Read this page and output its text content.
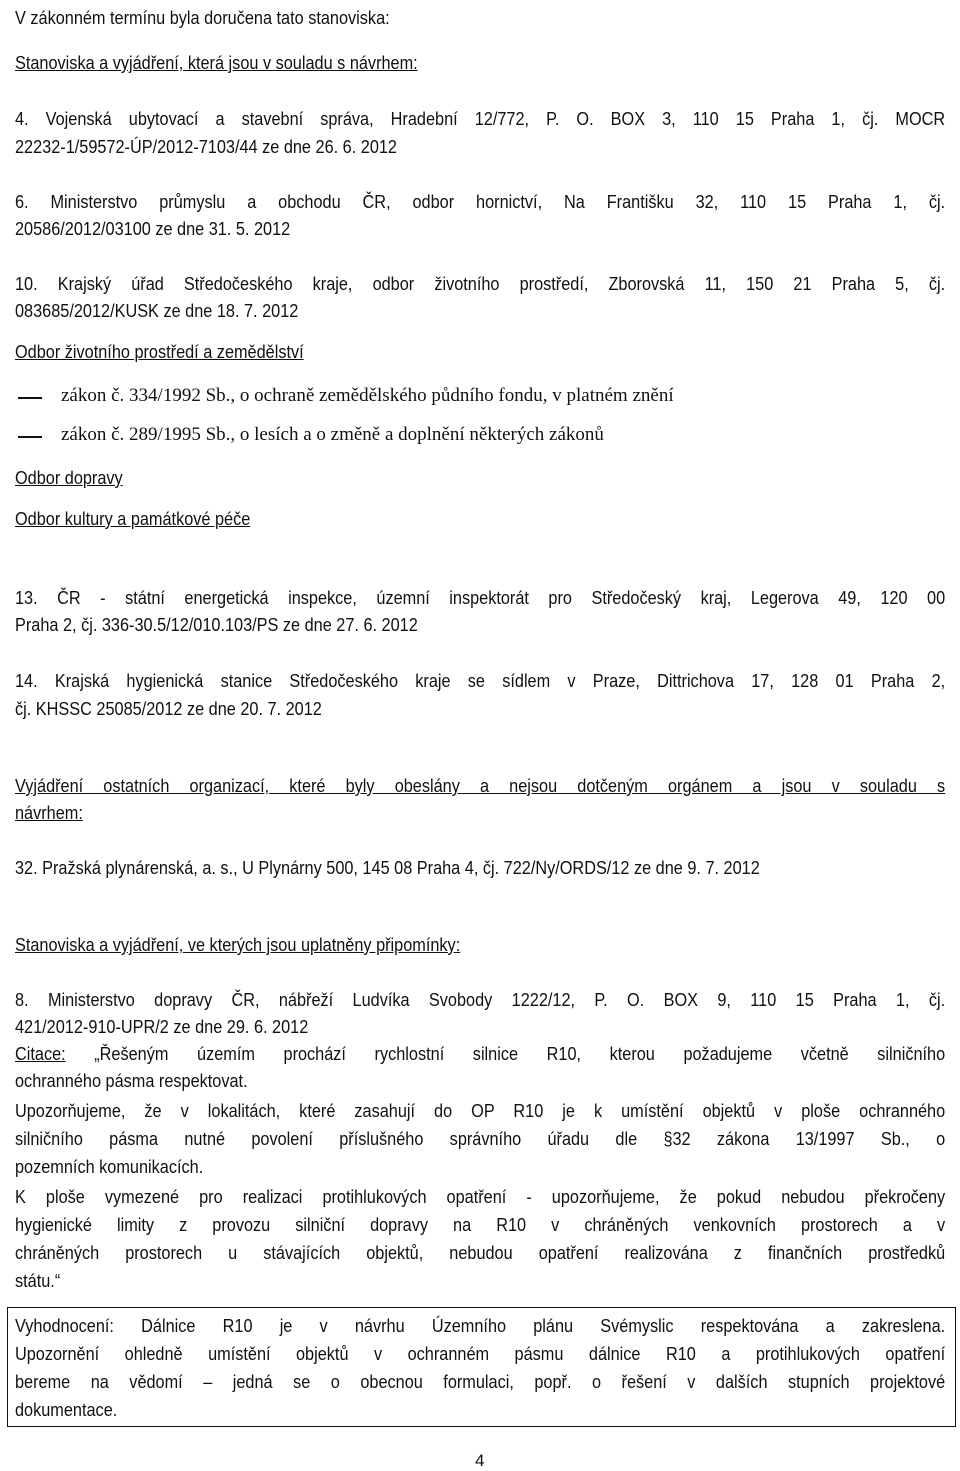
V zákonném termínu byla doručena tato stanoviska:
Stanoviska a vyjádření, která jsou v souladu s návrhem:
4. Vojenská ubytovací a stavební správa, Hradební 12/772, P. O. BOX 3, 110 15 Praha 1, čj. MOCR
22232-1/59572-ÚP/2012-7103/44 ze dne 26. 6. 2012
6. Ministerstvo průmyslu a obchodu ČR, odbor hornictví, Na Františku 32, 110 15 Praha 1, čj.
20586/2012/03100 ze dne 31. 5. 2012
10. Krajský úřad Středočeského kraje, odbor životního prostředí, Zborovská 11, 150 21 Praha 5, čj.
083685/2012/KUSK ze dne 18. 7. 2012
Odbor životního prostředí a zemědělství
zákon č. 334/1992 Sb., o ochraně zemědělského půdního fondu, v platném znění
zákon č. 289/1995 Sb., o lesích a o změně a doplnění některých zákonů
Odbor dopravy
Odbor kultury a památkové péče
13. ČR - státní energetická inspekce, územní inspektorát pro Středočeský kraj, Legerova 49, 120 00
Praha 2, čj. 336-30.5/12/010.103/PS ze dne 27. 6. 2012
14. Krajská hygienická stanice Středočeského kraje se sídlem v Praze, Dittrichova 17, 128 01 Praha 2,
čj. KHSSC 25085/2012 ze dne 20. 7. 2012
Vyjádření ostatních organizací, které byly obeslány a nejsou dotčeným orgánem a jsou v souladu s
návrhem:
32. Pražská plynárenská, a. s., U Plynárny 500, 145 08 Praha 4, čj. 722/Ny/ORDS/12 ze dne 9. 7. 2012
Stanoviska a vyjádření, ve kterých jsou uplatněny připomínky:
8. Ministerstvo dopravy ČR, nábřeží Ludvíka Svobody 1222/12, P. O. BOX 9, 110 15 Praha 1, čj.
421/2012-910-UPR/2 ze dne 29. 6. 2012
Citace: „Řešeným územím prochází rychlostní silnice R10, kterou požadujeme včetně silničního
ochranného pásma respektovat.
Upozorňujeme, že v lokalitách, které zasahují do OP R10 je k umístění objektů v ploše ochranného
silničního pásma nutné povolení příslušného správního úřadu dle §32 zákona 13/1997 Sb., o
pozemních komunikacích.
K ploše vymezené pro realizaci protihlukových opatření - upozorňujeme, že pokud nebudou překročeny
hygienické limity z provozu silniční dopravy na R10 v chráněných venkovních prostorech a v
chráněných prostorech u stávajících objektů, nebudou opatření realizována z finančních prostředků
státu.“
Vyhodnocení: Dálnice R10 je v návrhu Územního plánu Svémyslic respektována a zakreslena.
Upozornění ohledně umístění objektů v ochranném pásmu dálnice R10 a protihlukových opatření
bereme na vědomí – jedná se o obecnou formulaci, popř. o řešení v dalších stupních projektové
dokumentace.
4
